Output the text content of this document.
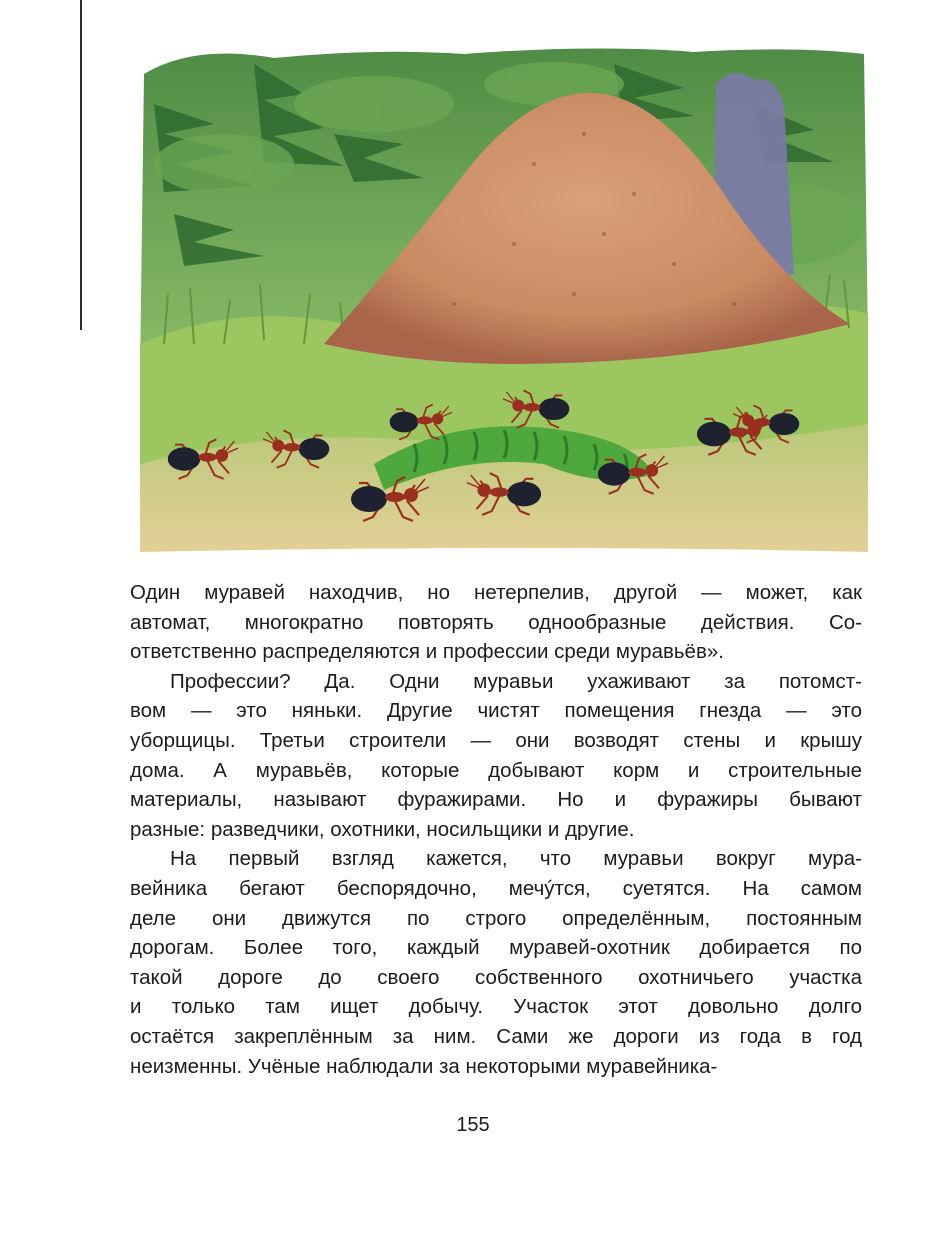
Один муравей находчив, но нетерпелив, другой — может, как
автомат, многократно повторять однообразные действия. Со-
ответственно распределяются и профессии среди муравьёв».
Профессии? Да. Одни муравьи ухаживают за потомст-
вом — это няньки. Другие чистят помещения гнезда — это
уборщицы. Третьи строители — они возводят стены и крышу
дома. А муравьёв, которые добывают корм и строительные
материалы, называют фуражирами. Но и фуражиры бывают
разные: разведчики, охотники, носильщики и другие.
На первый взгляд кажется, что муравьи вокруг мура-
вейника бегают беспорядочно, мечýтся, суетятся. На самом
деле они движутся по строго определённым, постоянным
дорогам. Более того, каждый муравей-охотник добирается по
такой дороге до своего собственного охотничьего участка
и только там ищет добычу. Участок этот довольно долго
остаётся закреплённым за ним. Сами же дороги из года в год
неизменны. Учёные наблюдали за некоторыми муравейника-
155
